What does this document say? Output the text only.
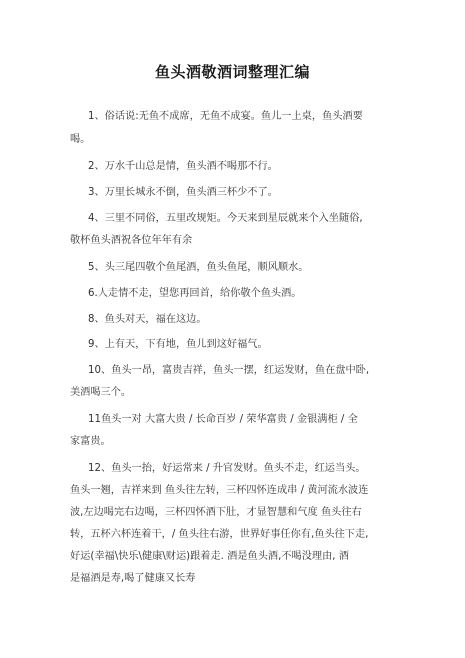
鱼头酒敬酒词整理汇编
1、俗话说:无鱼不成席，无鱼不成宴。鱼儿一上桌，鱼头酒要
喝。
2、万水千山总是情，鱼头酒不喝那不行。
3、万里长城永不倒，鱼头酒三杯少不了。
4、三里不同俗，五里改规矩。今天来到星辰就来个入坐随俗,
敬杯鱼头酒祝各位年年有余
5、头三尾四敬个鱼尾酒，鱼头鱼尾，顺风顺水。
6.人走情不走，望您再回首，给你敬个鱼头酒。
8、鱼头对天，福在这边。
9、上有天，下有地，鱼儿到这好福气。
10、鱼头一昂，富贵吉祥，鱼头一摆，红运发财，鱼在盘中卧,
美酒喝三个。
11鱼头一对 大富大贵 / 长命百岁 / 荣华富贵 / 金银满柜 / 全
家富贵。
12、鱼头一抬，好运常来 / 升官发财。鱼头不走，红运当头。
鱼头一翘，吉祥来到 鱼头往左转，三杯四怀连成串 / 黄河流水波连
波,左边喝完右边喝，三杯四怀酒下肚，才显智慧和气度 鱼头往右
转，五杯六杯连着干，/ 鱼头往右游，世界好事任你有,鱼头往下走,
好运(幸福\快乐\健康\财运)跟着走. 酒是鱼头酒,不喝没理由, 酒
是福酒是寿,喝了健康又长寿
